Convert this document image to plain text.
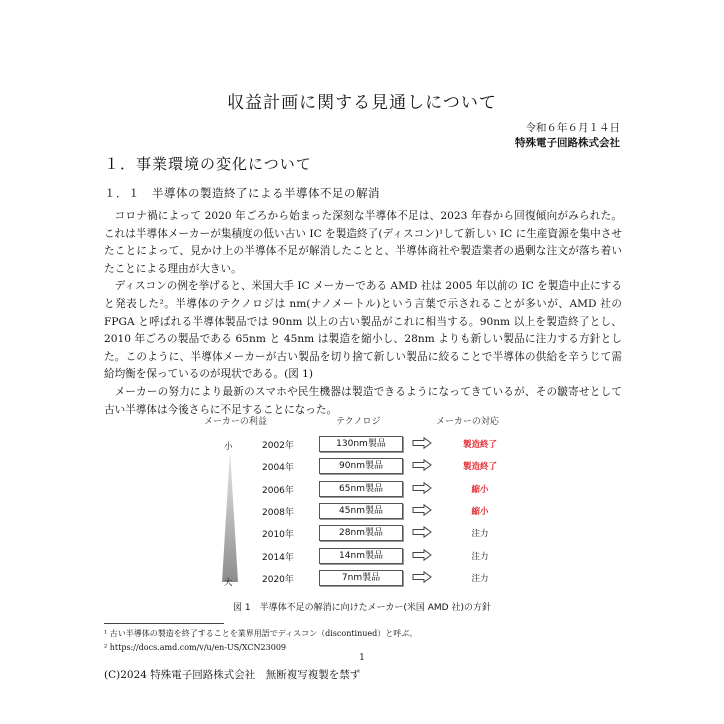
収益計画に関する見通しについて
令和６年６月１４日
特殊電子回路株式会社
１．事業環境の変化について
１．１　半導体の製造終了による半導体不足の解消

コロナ禍によって 2020 年ごろから始まった深刻な半導体不足は、2023 年春から回復傾向がみられた。これは半導体メーカーが集積度の低い古い IC を製造終了(ディスコン)¹して新しい IC に生産資源を集中させたことによって、見かけ上の半導体不足が解消したことと、半導体商社や製造業者の過剰な注文が落ち着いたことによる理由が大きい。

ディスコンの例を挙げると、米国大手 IC メーカーである AMD 社は 2005 年以前の IC を製造中止にすると発表した²。半導体のテクノロジは nm(ナノメートル)という言葉で示されることが多いが、AMD 社の FPGA と呼ばれる半導体製品では 90nm 以上の古い製品がこれに相当する。90nm 以上を製造終了とし、2010 年ごろの製品である 65nm と 45nm は製造を縮小し、28nm よりも新しい製品に注力する方針とした。このように、半導体メーカーが古い製品を切り捨て新しい製品に絞ることで半導体の供給を辛うじて需給均衡を保っているのが現状である。(図 1)

メーカーの努力により最新のスマホや民生機器は製造できるようになってきているが、その皺寄せとして古い半導体は今後さらに不足することになった。

メーカーの利益	テクノロジ	メーカーの対応
小
大
2002年	130nm製品	製造終了
2004年	90nm製品	製造終了
2006年	65nm製品	縮小
2008年	45nm製品	縮小
2010年	28nm製品	注力
2014年	14nm製品	注力
2020年	7nm製品	注力
図 1　半導体不足の解消に向けたメーカー(米国 AMD 社)の方針
¹ 古い半導体の製造を終了することを業界用語でディスコン（discontinued）と呼ぶ。
² https://docs.amd.com/v/u/en-US/XCN23009
1
(C)2024 特殊電子回路株式会社　無断複写複製を禁ず
